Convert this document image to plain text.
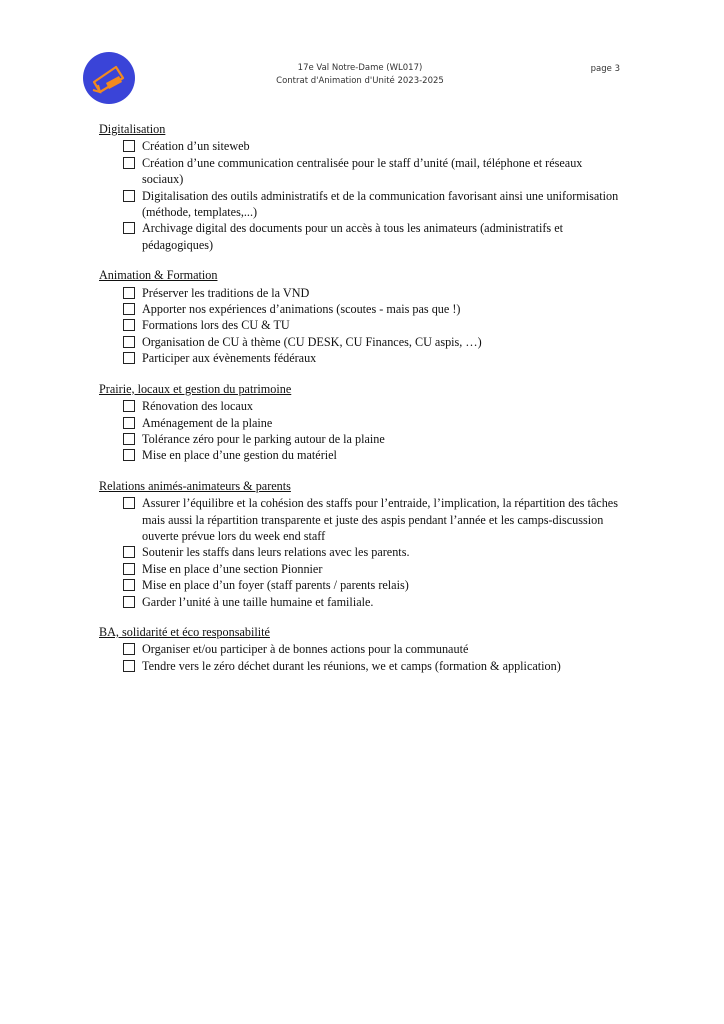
17e Val Notre-Dame (WL017)
Contrat d'Animation d'Unité 2023-2025
page 3
Digitalisation
Création d’un siteweb
Création d’une communication centralisée pour le staff d’unité (mail, téléphone et réseaux sociaux)
Digitalisation des outils administratifs et de la communication favorisant ainsi une uniformisation (méthode, templates,...)
Archivage digital des documents pour un accès à tous les animateurs (administratifs et pédagogiques)
Animation & Formation
Préserver les traditions de la VND
Apporter nos expériences d’animations (scoutes - mais pas que !)
Formations lors des CU & TU
Organisation de CU à thème (CU DESK, CU Finances, CU aspis, …)
Participer aux évènements fédéraux
Prairie, locaux et gestion du patrimoine
Rénovation des locaux
Aménagement de la plaine
Tolérance zéro pour le parking autour de la plaine
Mise en place d’une gestion du matériel
Relations animés-animateurs & parents
Assurer l’équilibre et la cohésion des staffs pour l’entraide, l’implication, la répartition des tâches mais aussi la répartition transparente et juste des aspis pendant l’année et les camps-discussion ouverte prévue lors du week end staff
Soutenir les staffs dans leurs relations avec les parents.
Mise en place d’une section Pionnier
Mise en place d’un foyer (staff parents / parents relais)
Garder l’unité à une taille humaine et familiale.
BA, solidarité et éco responsabilité
Organiser et/ou participer à de bonnes actions pour la communauté
Tendre vers le zéro déchet durant les réunions, we et camps (formation & application)
